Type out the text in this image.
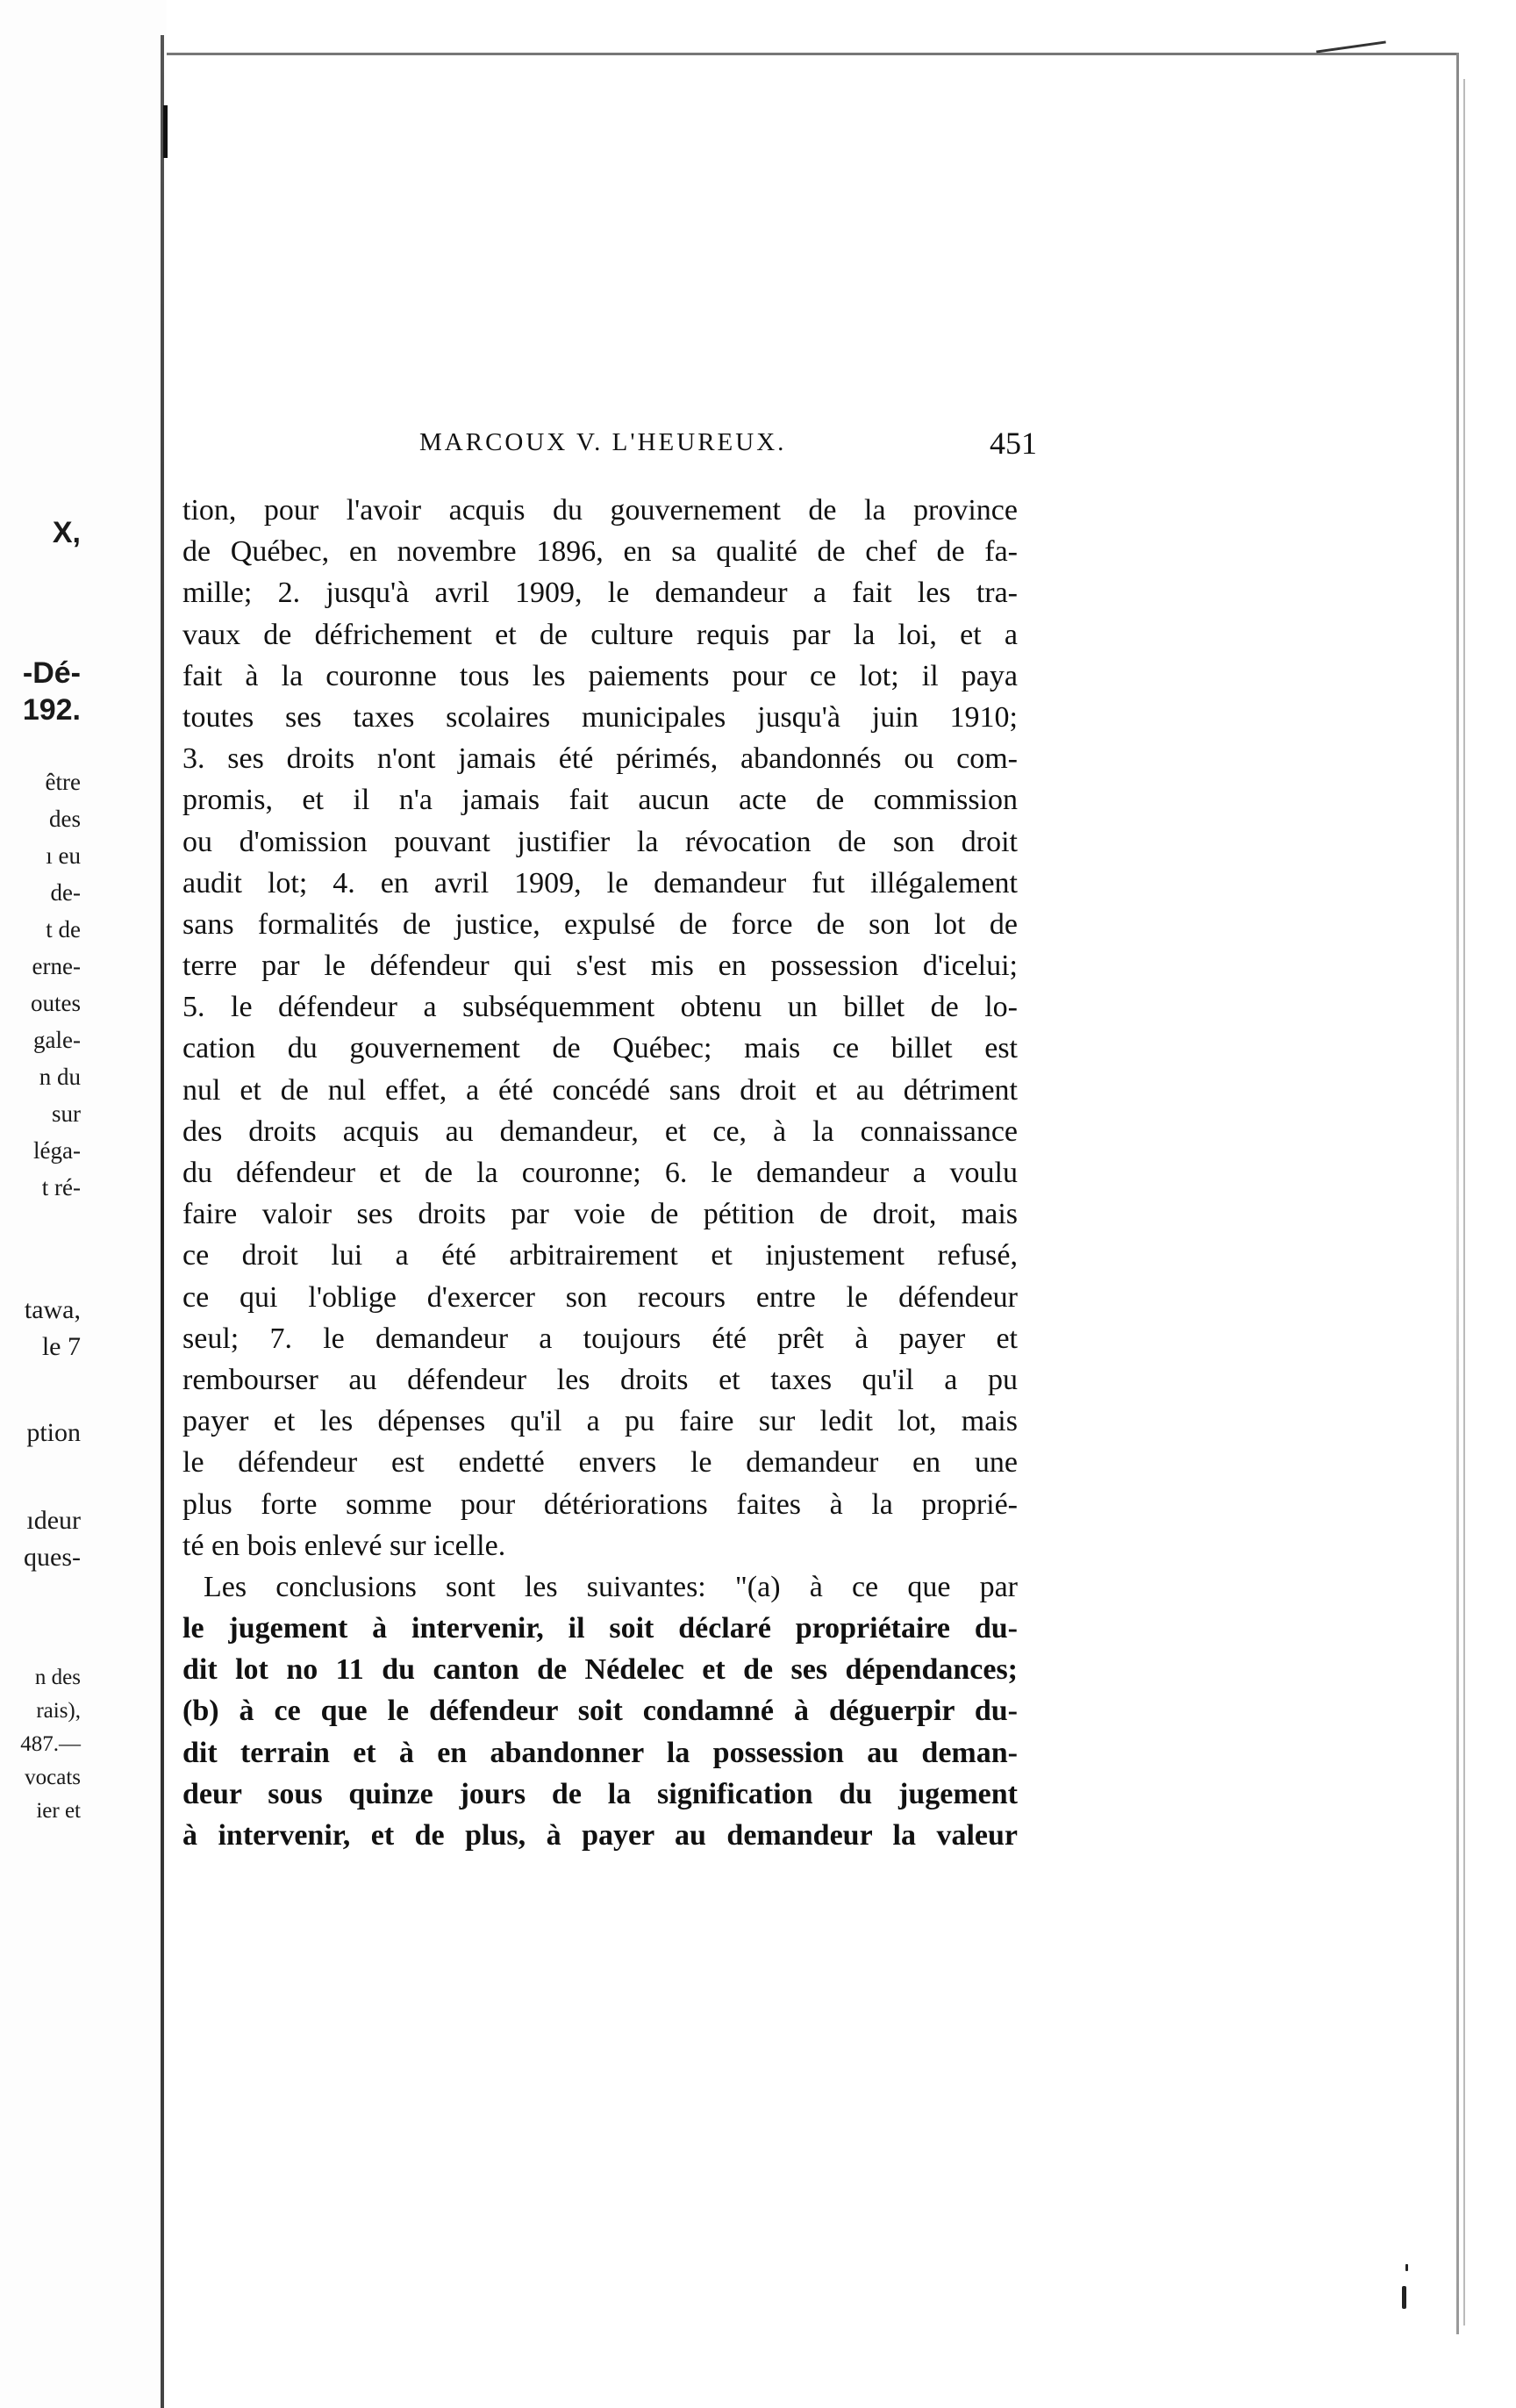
X,
-Dé-
192.
être
des
ı eu
de-
t de
erne-
outes
gale-
n du
sur
léga-
t ré-
tawa,
le 7
ption
ıdeur
ques-
n des
rais),
487.—
vocats
ier et
MARCOUX V. L'HEUREUX.	451
tion, pour l'avoir acquis du gouvernement de la province
de Québec, en novembre 1896, en sa qualité de chef de fa-
mille; 2. jusqu'à avril 1909, le demandeur a fait les tra-
vaux de défrichement et de culture requis par la loi, et a
fait à la couronne tous les paiements pour ce lot; il paya
toutes ses taxes scolaires municipales jusqu'à juin 1910;
3. ses droits n'ont jamais été périmés, abandonnés ou com-
promis, et il n'a jamais fait aucun acte de commission
ou d'omission pouvant justifier la révocation de son droit
audit lot; 4. en avril 1909, le demandeur fut illégalement
sans formalités de justice, expulsé de force de son lot de
terre par le défendeur qui s'est mis en possession d'icelui;
5. le défendeur a subséquemment obtenu un billet de lo-
cation du gouvernement de Québec; mais ce billet est
nul et de nul effet, a été concédé sans droit et au détriment
des droits acquis au demandeur, et ce, à la connaissance
du défendeur et de la couronne; 6. le demandeur a voulu
faire valoir ses droits par voie de pétition de droit, mais
ce droit lui a été arbitrairement et injustement refusé,
ce qui l'oblige d'exercer son recours entre le défendeur
seul; 7. le demandeur a toujours été prêt à payer et
rembourser au défendeur les droits et taxes qu'il a pu
payer et les dépenses qu'il a pu faire sur ledit lot, mais
le défendeur est endetté envers le demandeur en une
plus forte somme pour détériorations faites à la proprié-
té en bois enlevé sur icelle.
Les conclusions sont les suivantes: "(a) à ce que par
le jugement à intervenir, il soit déclaré propriétaire du-
dit lot no 11 du canton de Nédelec et de ses dépendances;
(b) à ce que le défendeur soit condamné à déguerpir du-
dit terrain et à en abandonner la possession au deman-
deur sous quinze jours de la signification du jugement
à intervenir, et de plus, à payer au demandeur la valeur
